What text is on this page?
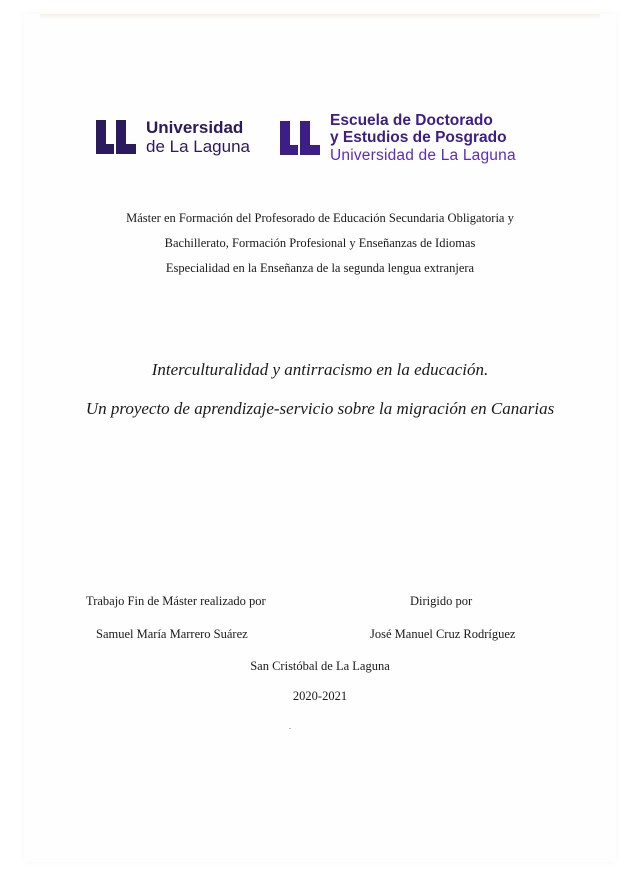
Universidad
de La Laguna
Escuela de Doctorado
y Estudios de Posgrado
Universidad de La Laguna
Máster en Formación del Profesorado de Educación Secundaria Obligatoria y
Bachillerato, Formación Profesional y Enseñanzas de Idiomas
Especialidad en la Enseñanza de la segunda lengua extranjera
Interculturalidad y antirracismo en la educación.
Un proyecto de aprendizaje-servicio sobre la migración en Canarias
Trabajo Fin de Máster realizado por	Dirigido por
Samuel María Marrero Suárez	José Manuel Cruz Rodríguez
San Cristóbal de La Laguna
2020-2021
